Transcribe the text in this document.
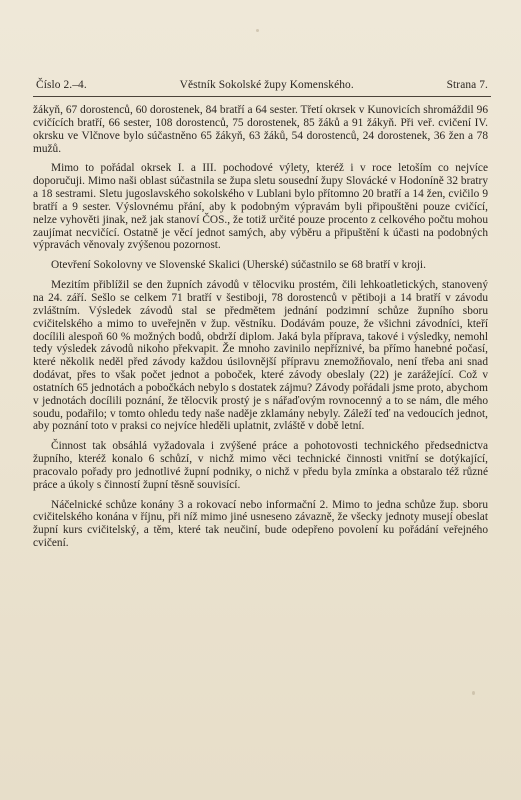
Číslo 2.–4.	Věstník Sokolské župy Komenského.	Strana 7.

žákyň, 67 dorostenců, 60 dorostenek, 84 bratří a 64 sester. Třetí okrsek v Kunovicích shromáždil 96 cvičících bratří, 66 sester, 108 dorostenců, 75 dorostenek, 85 žáků a 91 žákyň. Při veř. cvičení IV. okrsku ve Vlčnove bylo súčastněno 65 žákyň, 63 žáků, 54 dorostenců, 24 dorostenek, 36 žen a 78 mužů.

Mimo to pořádal okrsek I. a III. pochodové výlety, kteréž i v roce letoším co nejvíce doporučuji. Mimo naši oblast súčastnila se župa sletu sousední župy Slovácké v Hodoníně 32 bratry a 18 sestrami. Sletu jugoslavského sokolského v Lublani bylo přítomno 20 bratří a 14 žen, cvičilo 9 bratří a 9 sester. Výslovnému přání, aby k podobným výpravám byli připouštěni pouze cvičící, nelze vyhověti jinak, než jak stanoví ČOS., že totiž určité pouze procento z celkového počtu mohou zaujímat necvičící. Ostatně je věcí jednot samých, aby výběru a připuštění k účasti na podobných výpravách věnovaly zvýšenou pozornost.

Otevření Sokolovny ve Slovenské Skalici (Uherské) súčastnilo se 68 bratří v kroji.

Mezitím přiblížil se den župních závodů v tělocviku prostém, čili lehkoatletických, stanovený na 24. září. Sešlo se celkem 71 bratří v šestiboji, 78 dorostenců v pětiboji a 14 bratří v závodu zvláštním. Výsledek závodů stal se předmětem jednání podzimní schůze župního sboru cvičitelského a mimo to uveřejněn v žup. věstníku. Dodávám pouze, že všichni závodníci, kteří docílili alespoň 60 % možných bodů, obdrží diplom. Jaká byla příprava, takové i výsledky, nemohl tedy výsledek závodů nikoho překvapit. Že mnoho zavinilo nepříznivé, ba přímo hanebné počasí, které několik neděl před závody každou úsilovnější přípravu znemožňovalo, není třeba ani snad dodávat, přes to však počet jednot a poboček, které závody obeslaly (22) je zarážející. Což v ostatních 65 jednotách a pobočkách nebylo s dostatek zájmu? Závody pořádali jsme proto, abychom v jednotách docílili poznání, že tělocvik prostý je s nářaďovým rovnocenný a to se nám, dle mého soudu, podařilo; v tomto ohledu tedy naše naděje zklamány nebyly. Záleží teď na vedoucích jednot, aby poznání toto v praksi co nejvíce hleděli uplatnit, zvláště v době letní.

Činnost tak obsáhlá vyžadovala i zvýšené práce a pohotovosti technického předsednictva župního, kteréž konalo 6 schůzí, v nichž mimo věci technické činnosti vnitřní se dotýkající, pracovalo pořady pro jednotlivé župní podniky, o nichž v předu byla zmínka a obstaralo též různé práce a úkoly s činností župní těsně souvisící.

Náčelnické schůze konány 3 a rokovací nebo informační 2. Mimo to jedna schůze žup. sboru cvičitelského konána v říjnu, při níž mimo jiné usneseno závazně, že všecky jednoty musejí obeslat župní kurs cvičitelský, a těm, které tak neučiní, bude odepřeno povolení ku pořádání veřejného cvičení.
